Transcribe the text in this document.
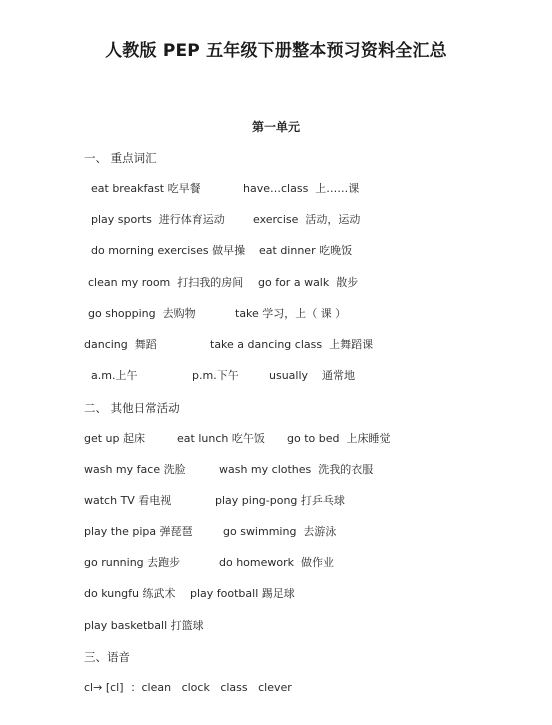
人教版 PEP 五年级下册整本预习资料全汇总
第一单元
一、 重点词汇
eat breakfast 吃早餐	have…class  上……课
play sports  进行体育运动	exercise  活动，运动
do morning exercises 做早操 eat dinner 吃晚饭
clean my room  打扫我的房间 go for a walk  散步
go shopping  去购物	take 学习，上（ 课 ）
dancing  舞蹈	take a dancing class  上舞蹈课
a.m.上午	p.m.下午	usually    通常地
二、 其他日常活动
get up 起床	eat lunch 吃午饭 go to bed  上床睡觉
wash my face 洗脸	wash my clothes  洗我的衣服
watch TV 看电视	play ping-pong 打乒乓球
play the pipa 弹琵琶	go swimming  去游泳
go running 去跑步	do homework  做作业
do kungfu 练武术 play football 踢足球
play basketball 打篮球
三、语音
cl→ [cl]  ：clean   clock   class   clever
